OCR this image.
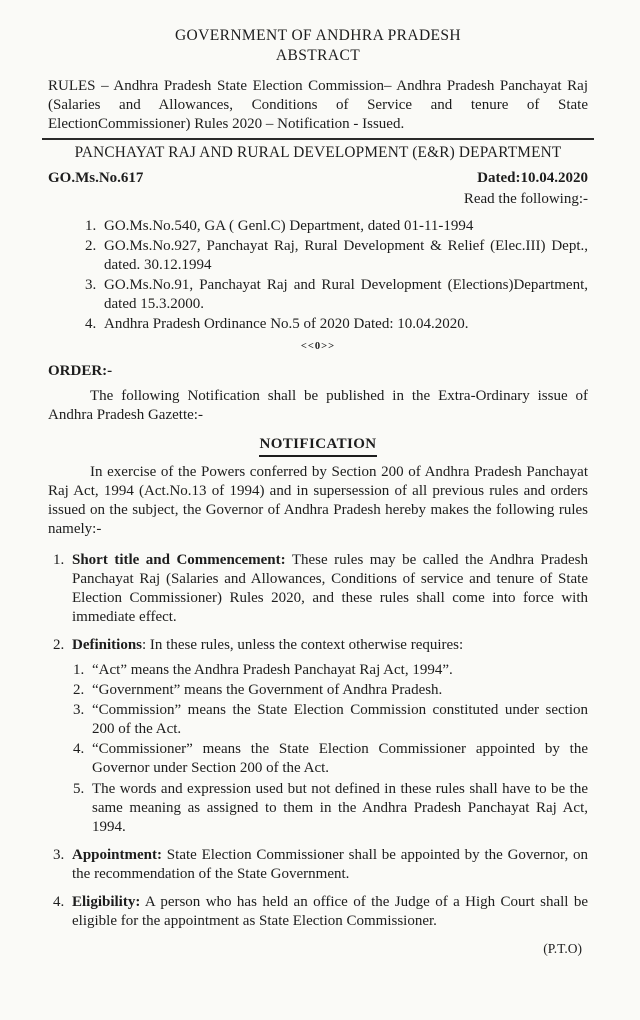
GOVERNMENT OF ANDHRA PRADESH
ABSTRACT

RULES – Andhra Pradesh State Election Commission– Andhra Pradesh Panchayat Raj (Salaries and Allowances, Conditions of Service and tenure of State ElectionCommissioner) Rules 2020 – Notification - Issued.

PANCHAYAT RAJ AND RURAL DEVELOPMENT (E&R) DEPARTMENT
GO.Ms.No.617	Dated:10.04.2020
Read the following:-
1. GO.Ms.No.540, GA ( Genl.C) Department, dated 01-11-1994
2. GO.Ms.No.927, Panchayat Raj, Rural Development & Relief (Elec.III) Dept., dated. 30.12.1994
3. GO.Ms.No.91, Panchayat Raj and Rural Development (Elections)Department, dated 15.3.2000.
4. Andhra Pradesh Ordinance No.5 of 2020 Dated: 10.04.2020.
<<0>>
ORDER:-

The following Notification shall be published in the Extra-Ordinary issue of Andhra Pradesh Gazette:-

NOTIFICATION

In exercise of the Powers conferred by Section 200 of Andhra Pradesh Panchayat Raj Act, 1994 (Act.No.13 of 1994) and in supersession of all previous rules and orders issued on the subject, the Governor of Andhra Pradesh hereby makes the following rules namely:-

1. Short title and Commencement: These rules may be called the Andhra Pradesh Panchayat Raj (Salaries and Allowances, Conditions of service and tenure of State Election Commissioner) Rules 2020, and these rules shall come into force with immediate effect.
2. Definitions: In these rules, unless the context otherwise requires:
1. “Act” means the Andhra Pradesh Panchayat Raj Act, 1994”.
2. “Government” means the Government of Andhra Pradesh.
3. “Commission” means the State Election Commission constituted under section 200 of the Act.
4. “Commissioner” means the State Election Commissioner appointed by the Governor under Section 200 of the Act.
5. The words and expression used but not defined in these rules shall have to be the same meaning as assigned to them in the Andhra Pradesh Panchayat Raj Act, 1994.
3. Appointment: State Election Commissioner shall be appointed by the Governor, on the recommendation of the State Government.
4. Eligibility: A person who has held an office of the Judge of a High Court shall be eligible for the appointment as State Election Commissioner.
(P.T.O)
